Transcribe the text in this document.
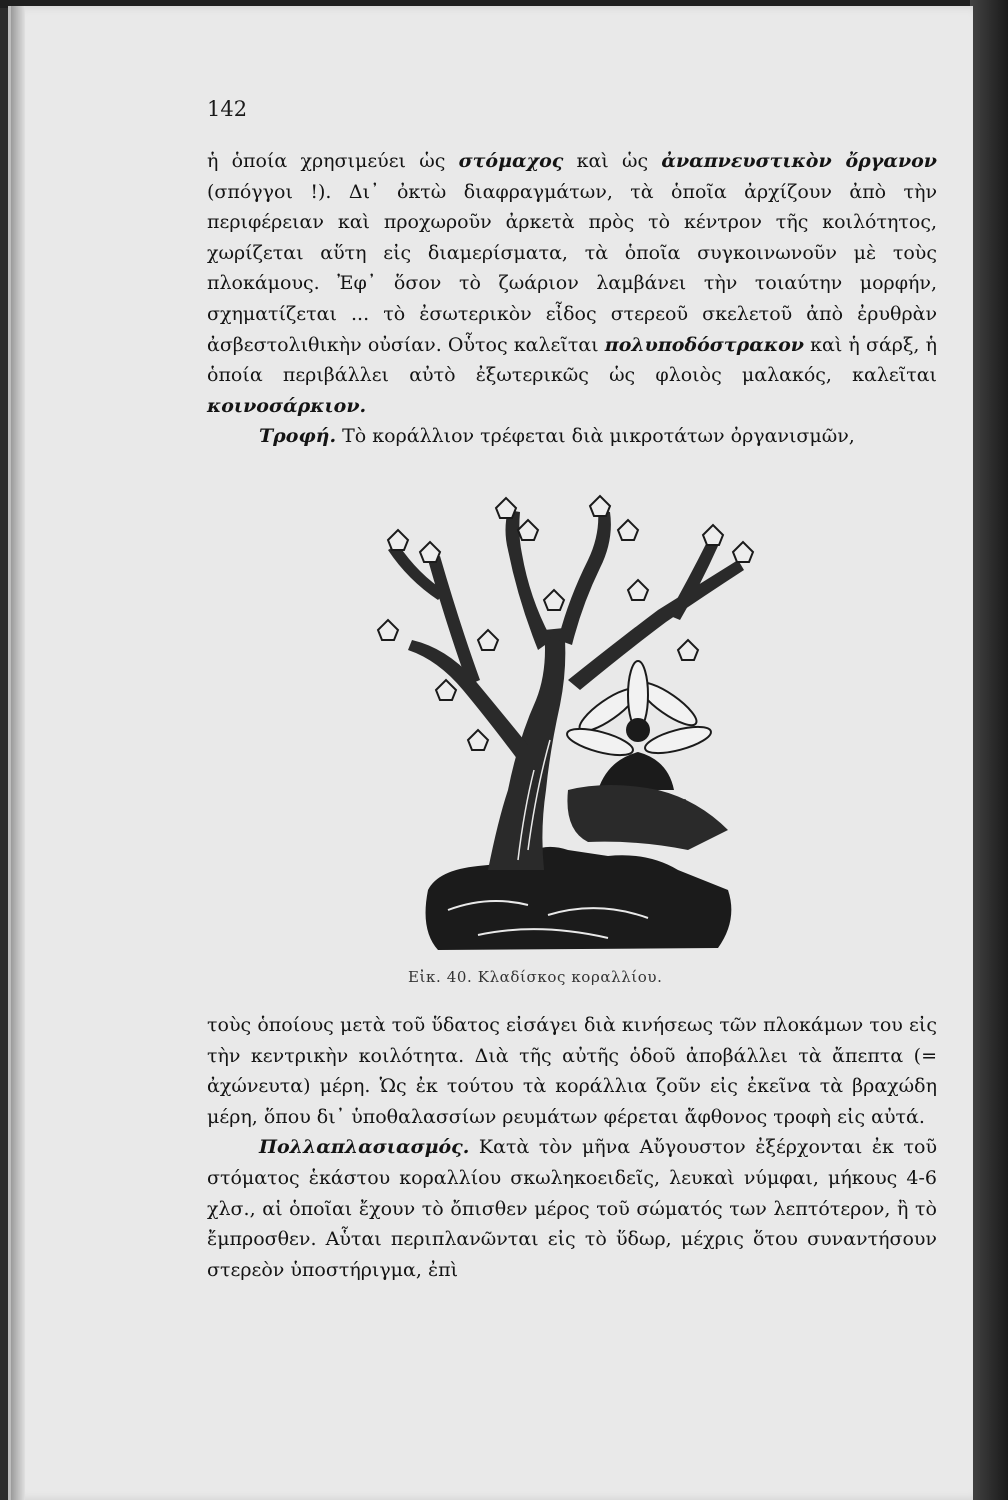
142

ἡ ὁποία χρησιμεύει ὡς στόμαχος καὶ ὡς ἀναπνευστικὸν ὄργανον (σπόγγοι !). Δι᾽ ὀκτὼ διαφραγμάτων, τὰ ὁποῖα ἀρχίζουν ἀπὸ τὴν περιφέρειαν καὶ προχωροῦν ἀρκετὰ πρὸς τὸ κέντρον τῆς κοιλότητος, χωρίζεται αὕτη εἰς διαμερίσματα, τὰ ὁποῖα συγκοινωνοῦν μὲ τοὺς πλοκάμους. Ἐφ᾽ ὅσον τὸ ζωάριον λαμβάνει τὴν τοιαύτην μορφήν, σχηματίζεται ... τὸ ἐσωτερικὸν εἶδος στερεοῦ σκελετοῦ ἀπὸ ἐρυθρὰν ἀσβεστολιθικὴν οὐσίαν. Οὗτος καλεῖται πολυποδόστρακον καὶ ἡ σάρξ, ἡ ὁποία περιβάλλει αὐτὸ ἐξωτερικῶς ὡς φλοιὸς μαλακός, καλεῖται κοινοσάρκιον.

Τροφή. Τὸ κοράλλιον τρέφεται διὰ μικροτάτων ὀργανισμῶν,

Εἰκ. 40. Κλαδίσκος κοραλλίου.

τοὺς ὁποίους μετὰ τοῦ ὕδατος εἰσάγει διὰ κινήσεως τῶν πλοκάμων του εἰς τὴν κεντρικὴν κοιλότητα. Διὰ τῆς αὐτῆς ὁδοῦ ἀποβάλλει τὰ ἄπεπτα (= ἀχώνευτα) μέρη. Ὡς ἐκ τούτου τὰ κοράλλια ζοῦν εἰς ἐκεῖνα τὰ βραχώδη μέρη, ὅπου δι᾽ ὑποθαλασσίων ρευμάτων φέρεται ἄφθονος τροφὴ εἰς αὐτά.

Πολλαπλασιασμός. Κατὰ τὸν μῆνα Αὔγουστον ἐξέρχονται ἐκ τοῦ στόματος ἑκάστου κοραλλίου σκωληκοειδεῖς, λευκαὶ νύμφαι, μήκους 4-6 χλσ., αἱ ὁποῖαι ἔχουν τὸ ὄπισθεν μέρος τοῦ σώματός των λεπτότερον, ἢ τὸ ἔμπροσθεν. Αὗται περιπλανῶνται εἰς τὸ ὕδωρ, μέχρις ὅτου συναντήσουν στερεὸν ὑποστήριγμα, ἐπὶ
